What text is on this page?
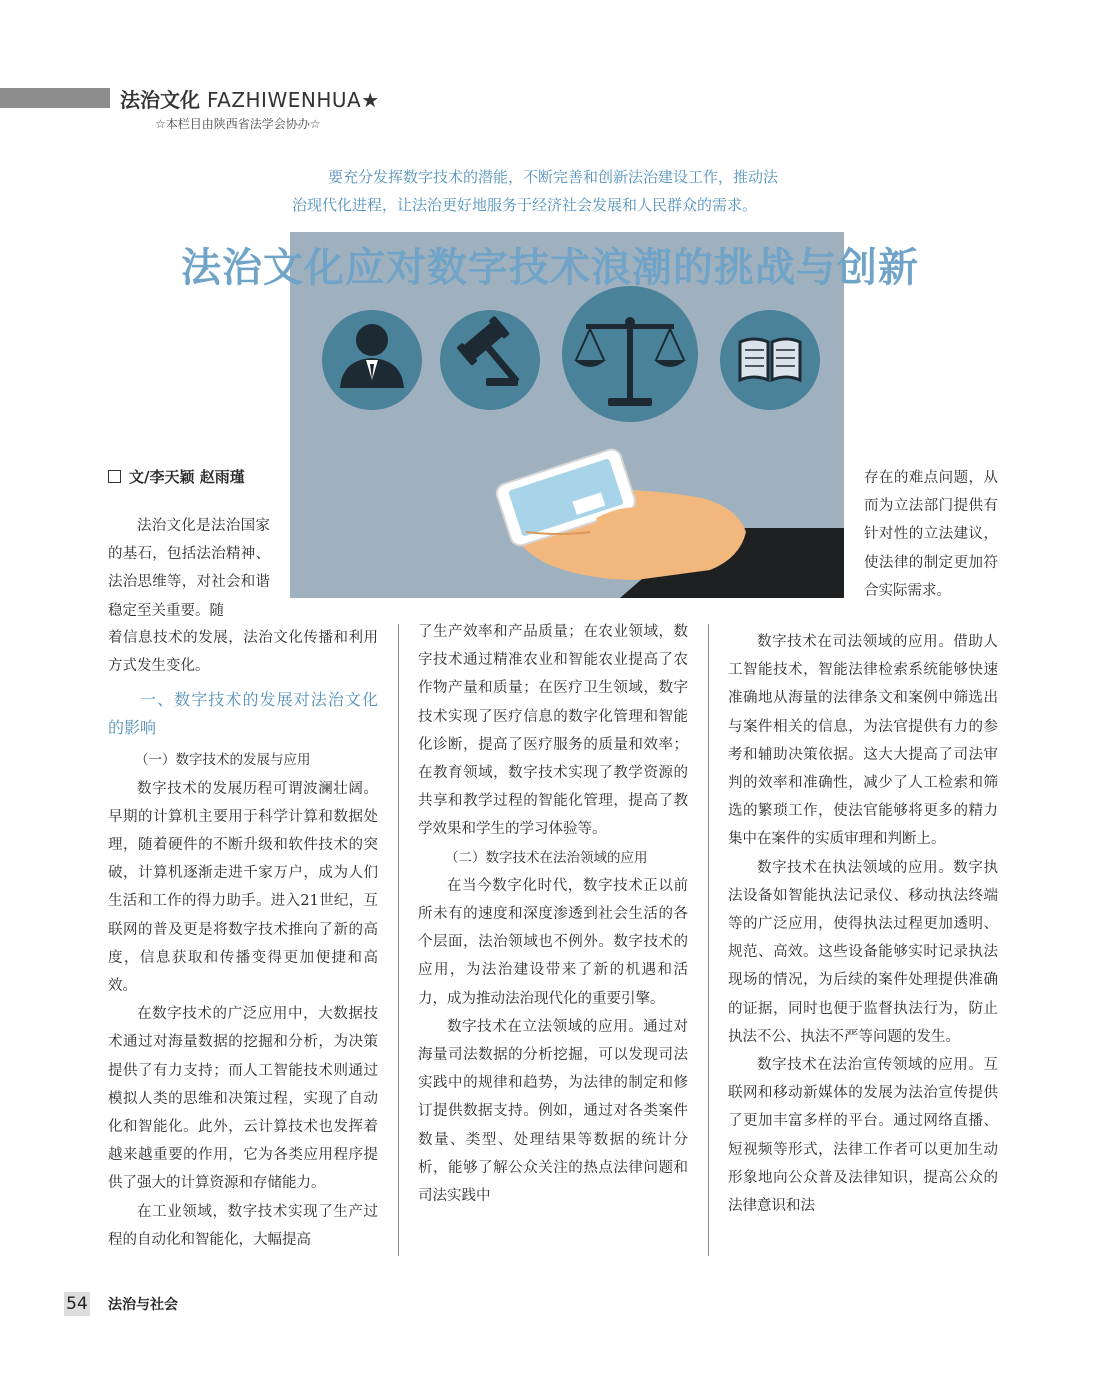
法治文化 FAZHIWENHUA★
☆本栏目由陕西省法学会协办☆
要充分发挥数字技术的潜能，不断完善和创新法治建设工作，推动法
治现代化进程，让法治更好地服务于经济社会发展和人民群众的需求。
法治文化应对数字技术浪潮的挑战与创新
文/李天颖 赵雨瑾

法治文化是法治国家的基石，包括法治精神、法治思维等，对社会和谐稳定至关重要。随

着信息技术的发展，法治文化传播和利用方式发生变化。

一、数字技术的发展对法治文化的影响
（一）数字技术的发展与应用

数字技术的发展历程可谓波澜壮阔。早期的计算机主要用于科学计算和数据处理，随着硬件的不断升级和软件技术的突破，计算机逐渐走进千家万户，成为人们生活和工作的得力助手。进入21世纪，互联网的普及更是将数字技术推向了新的高度，信息获取和传播变得更加便捷和高效。

在数字技术的广泛应用中，大数据技术通过对海量数据的挖掘和分析，为决策提供了有力支持；而人工智能技术则通过模拟人类的思维和决策过程，实现了自动化和智能化。此外，云计算技术也发挥着越来越重要的作用，它为各类应用程序提供了强大的计算资源和存储能力。

在工业领域，数字技术实现了生产过程的自动化和智能化，大幅提高

了生产效率和产品质量；在农业领域，数字技术通过精准农业和智能农业提高了农作物产量和质量；在医疗卫生领域，数字技术实现了医疗信息的数字化管理和智能化诊断，提高了医疗服务的质量和效率；在教育领域，数字技术实现了教学资源的共享和教学过程的智能化管理，提高了教学效果和学生的学习体验等。

（二）数字技术在法治领域的应用

在当今数字化时代，数字技术正以前所未有的速度和深度渗透到社会生活的各个层面，法治领域也不例外。数字技术的应用，为法治建设带来了新的机遇和活力，成为推动法治现代化的重要引擎。

数字技术在立法领域的应用。通过对海量司法数据的分析挖掘，可以发现司法实践中的规律和趋势，为法律的制定和修订提供数据支持。例如，通过对各类案件数量、类型、处理结果等数据的统计分析，能够了解公众关注的热点法律问题和司法实践中

存在的难点问题，从而为立法部门提供有针对性的立法建议，使法律的制定更加符合实际需求。

数字技术在司法领域的应用。借助人工智能技术，智能法律检索系统能够快速准确地从海量的法律条文和案例中筛选出与案件相关的信息，为法官提供有力的参考和辅助决策依据。这大大提高了司法审判的效率和准确性，减少了人工检索和筛选的繁琐工作，使法官能够将更多的精力集中在案件的实质审理和判断上。

数字技术在执法领域的应用。数字执法设备如智能执法记录仪、移动执法终端等的广泛应用，使得执法过程更加透明、规范、高效。这些设备能够实时记录执法现场的情况，为后续的案件处理提供准确的证据，同时也便于监督执法行为，防止执法不公、执法不严等问题的发生。

数字技术在法治宣传领域的应用。互联网和移动新媒体的发展为法治宣传提供了更加丰富多样的平台。通过网络直播、短视频等形式，法律工作者可以更加生动形象地向公众普及法律知识，提高公众的法律意识和法

54 法治与社会
